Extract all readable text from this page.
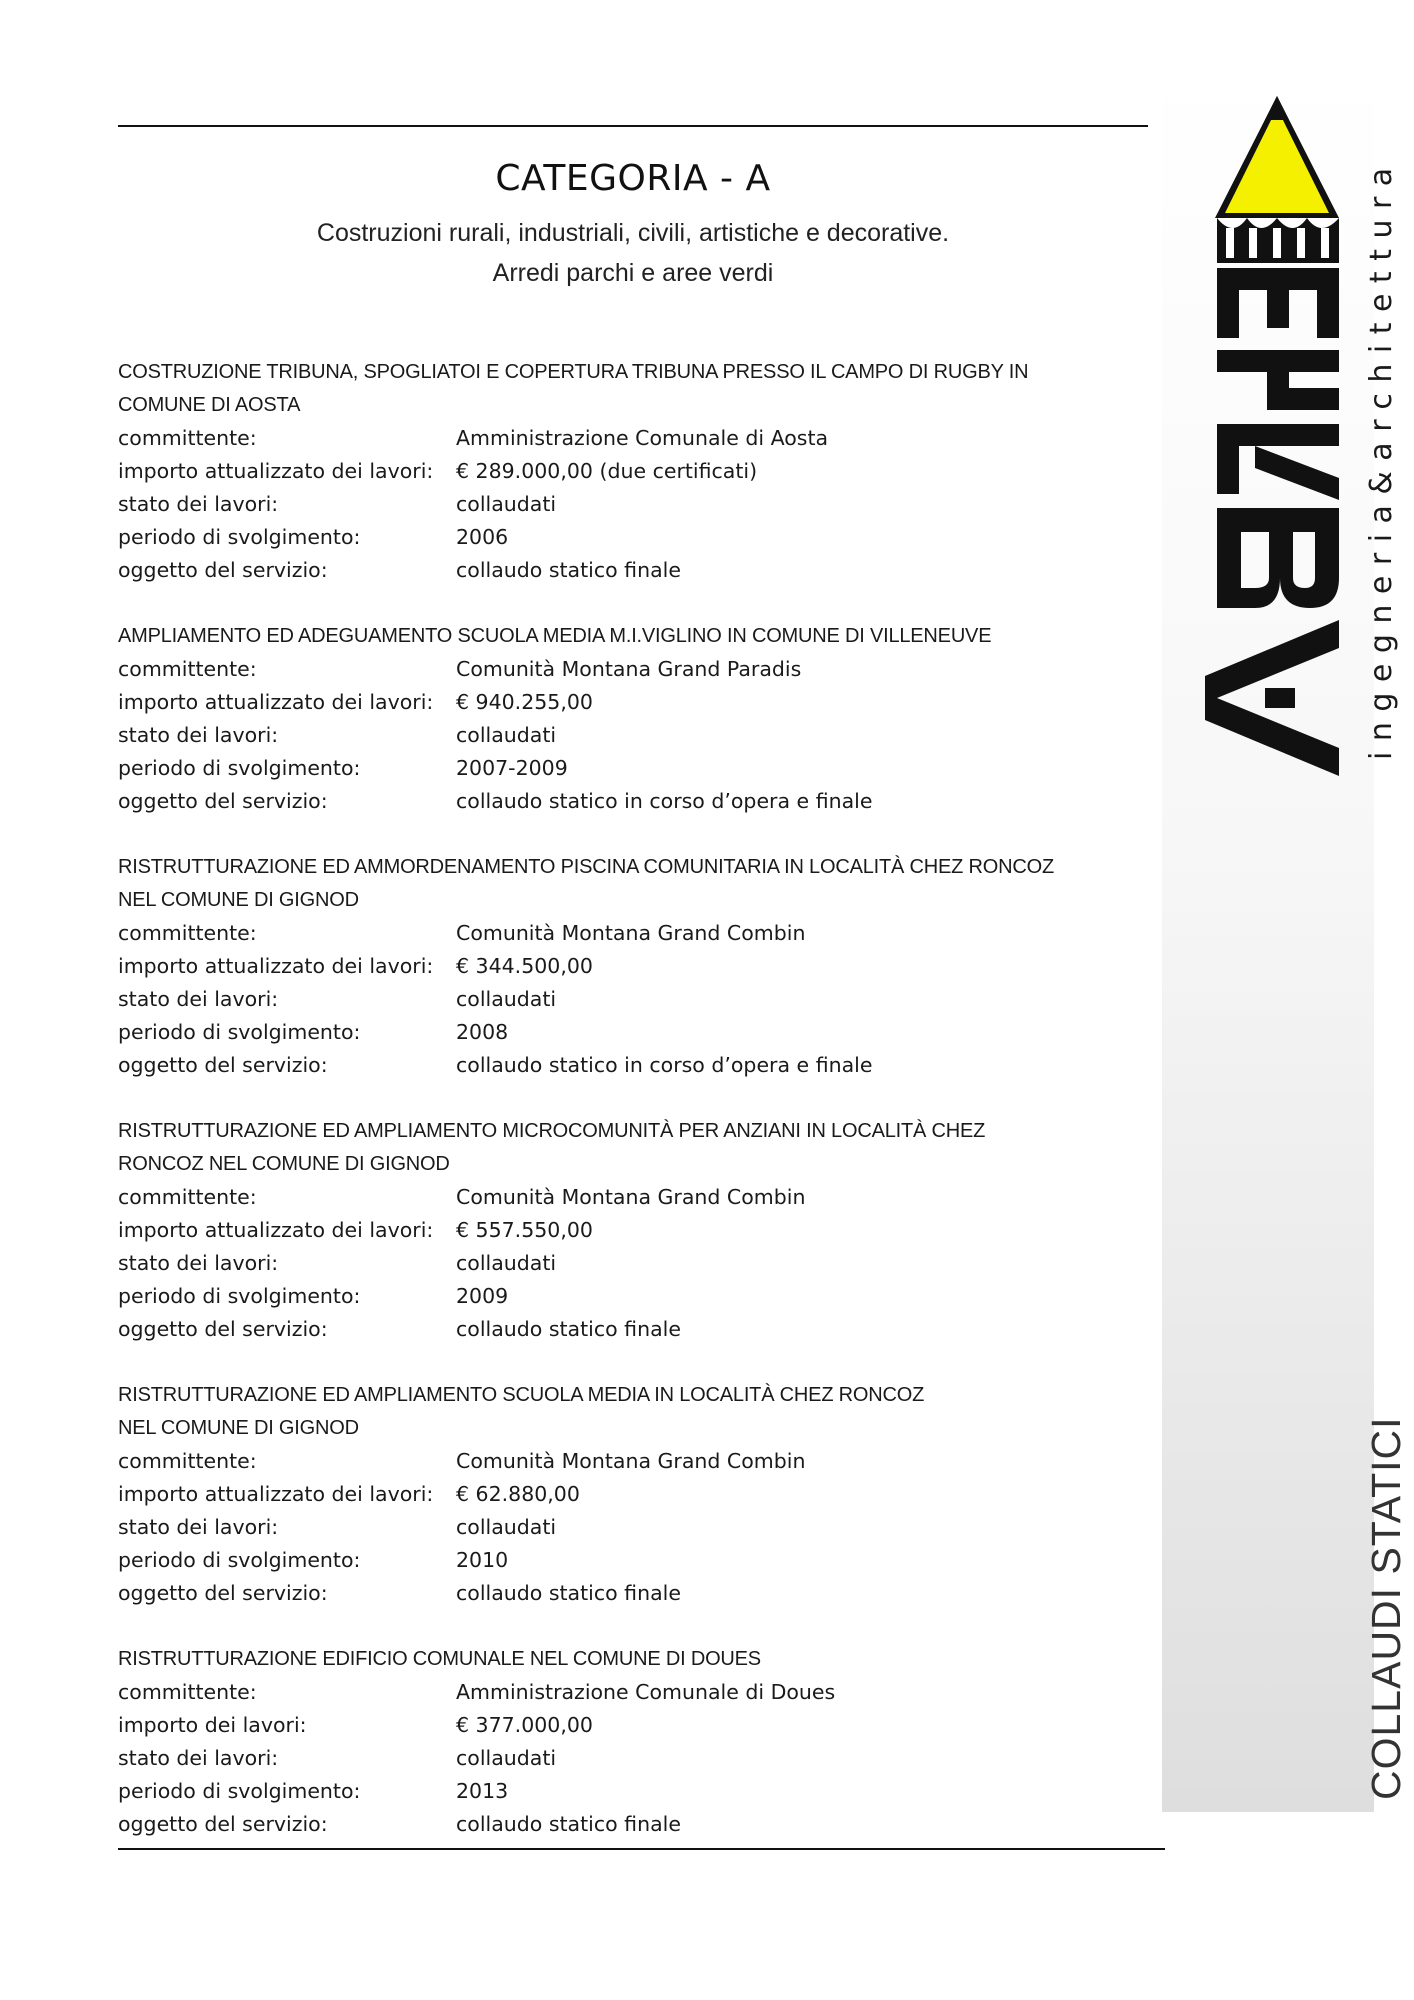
CATEGORIA - A
Costruzioni rurali, industriali, civili, artistiche e decorative.
Arredi parchi e aree verdi
COSTRUZIONE TRIBUNA, SPOGLIATOI E COPERTURA TRIBUNA PRESSO IL CAMPO DI RUGBY IN
COMUNE DI AOSTA
committente:	Amministrazione Comunale di Aosta
importo attualizzato dei lavori:	€ 289.000,00 (due certificati)
stato dei lavori:	collaudati
periodo di svolgimento:	2006
oggetto del servizio:	collaudo statico finale
AMPLIAMENTO ED ADEGUAMENTO SCUOLA MEDIA M.I.VIGLINO IN COMUNE DI VILLENEUVE
committente:	Comunità Montana Grand Paradis
importo attualizzato dei lavori:	€ 940.255,00
stato dei lavori:	collaudati
periodo di svolgimento:	2007-2009
oggetto del servizio:	collaudo statico in corso d’opera e finale
RISTRUTTURAZIONE ED AMMORDENAMENTO PISCINA COMUNITARIA IN LOCALITÀ CHEZ RONCOZ
NEL COMUNE DI GIGNOD
committente:	Comunità Montana Grand Combin
importo attualizzato dei lavori:	€ 344.500,00
stato dei lavori:	collaudati
periodo di svolgimento:	2008
oggetto del servizio:	collaudo statico in corso d’opera e finale
RISTRUTTURAZIONE ED AMPLIAMENTO MICROCOMUNITÀ PER ANZIANI IN LOCALITÀ CHEZ
RONCOZ NEL COMUNE DI GIGNOD
committente:	Comunità Montana Grand Combin
importo attualizzato dei lavori:	€ 557.550,00
stato dei lavori:	collaudati
periodo di svolgimento:	2009
oggetto del servizio:	collaudo statico finale
RISTRUTTURAZIONE ED AMPLIAMENTO SCUOLA MEDIA IN LOCALITÀ CHEZ RONCOZ
NEL COMUNE DI GIGNOD
committente:	Comunità Montana Grand Combin
importo attualizzato dei lavori:	€ 62.880,00
stato dei lavori:	collaudati
periodo di svolgimento:	2010
oggetto del servizio:	collaudo statico finale
RISTRUTTURAZIONE EDIFICIO COMUNALE NEL COMUNE DI DOUES
committente:	Amministrazione Comunale di Doues
importo dei lavori:	€ 377.000,00
stato dei lavori:	collaudati
periodo di svolgimento:	2013
oggetto del servizio:	collaudo statico finale
ingegneria&architettura
COLLAUDI STATICI
